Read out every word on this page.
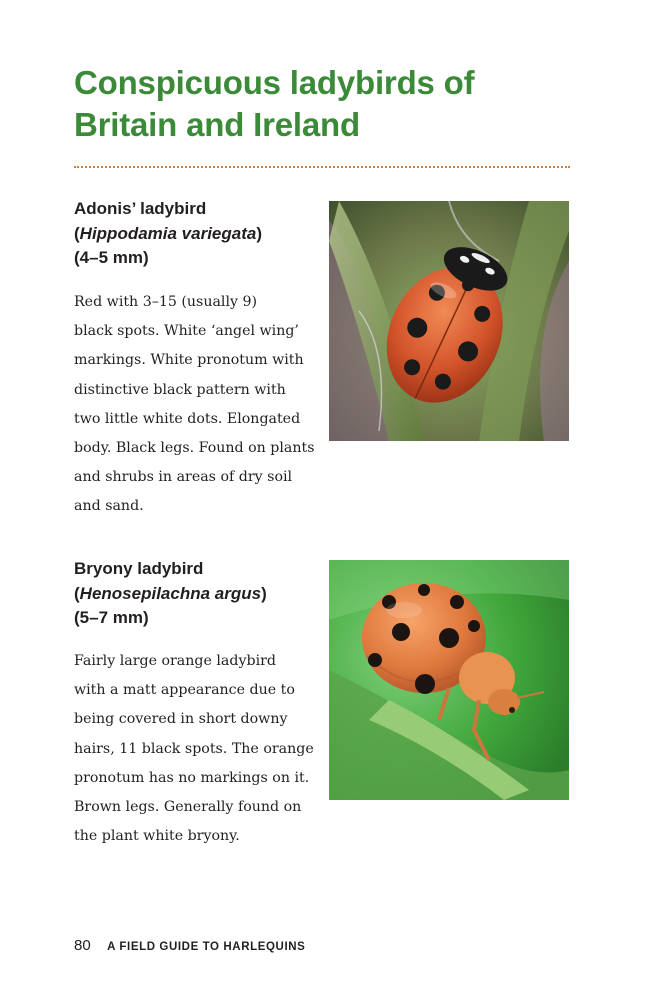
Conspicuous ladybirds of
Britain and Ireland
Adonis’ ladybird
(Hippodamia variegata)
(4–5 mm)
Red with 3–15 (usually 9)
black spots. White ‘angel wing’
markings. White pronotum with
distinctive black pattern with
two little white dots. Elongated
body. Black legs. Found on plants
and shrubs in areas of dry soil
and sand.
Bryony ladybird
(Henosepilachna argus)
(5–7 mm)
Fairly large orange ladybird
with a matt appearance due to
being covered in short downy
hairs, 11 black spots. The orange
pronotum has no markings on it.
Brown legs. Generally found on
the plant white bryony.
80 A FIELD GUIDE TO HARLEQUINS
